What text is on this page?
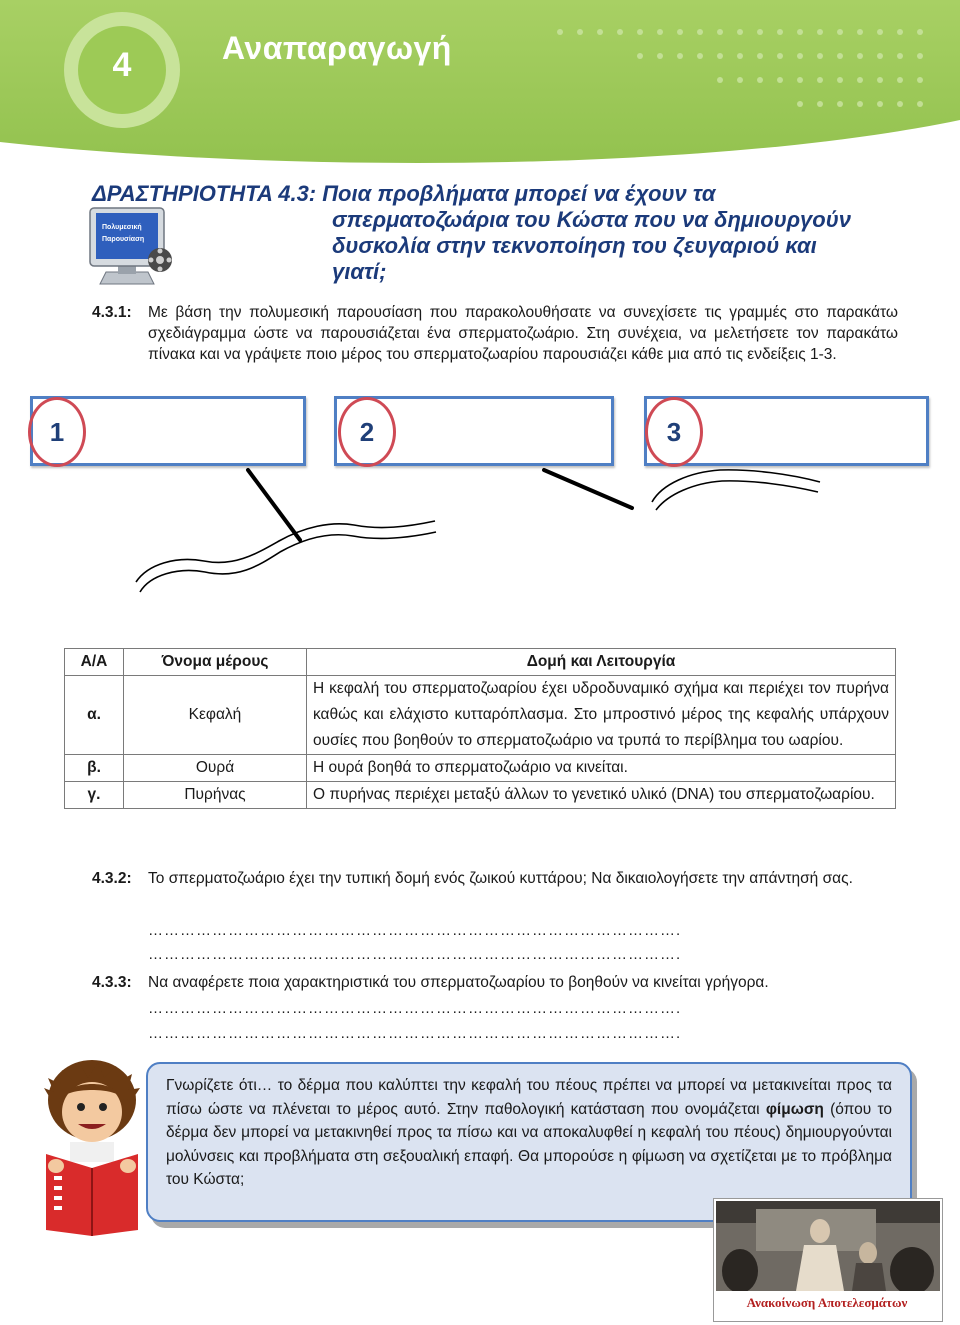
4	Αναπαραγωγή
ΔΡΑΣΤΗΡΙΟΤΗΤΑ 4.3: Ποια προβλήματα μπορεί να έχουν τα
σπερματοζωάρια του Κώστα που να δημιουργούν
δυσκολία στην τεκνοποίηση του ζευγαριού και
γιατί;
Πολυμεσική
Παρουσίαση
4.3.1: Με βάση την πολυμεσική παρουσίαση που παρακολουθήσατε να συνεχίσετε τις γραμμές στο παρακάτω σχεδιάγραμμα ώστε να παρουσιάζεται ένα σπερματοζωάριο. Στη συνέχεια, να μελετήσετε τον παρακάτω πίνακα και να γράψετε ποιο μέρος του σπερματοζωαρίου παρουσιάζει κάθε μια από τις ενδείξεις 1-3.
1	2	3
Α/Α	Όνομα μέρους	Δομή και Λειτουργία
α.	Κεφαλή	Η κεφαλή του σπερματοζωαρίου έχει υδροδυναμικό σχήμα και περιέχει τον πυρήνα καθώς και ελάχιστο κυτταρόπλασμα. Στο μπροστινό μέρος της κεφαλής υπάρχουν ουσίες που βοηθούν το σπερματοζωάριο να τρυπά το περίβλημα του ωαρίου.
β.	Ουρά	Η ουρά βοηθά το σπερματοζωάριο να κινείται.
γ.	Πυρήνας	Ο πυρήνας περιέχει μεταξύ άλλων το γενετικό υλικό (DNA) του σπερματοζωαρίου.
4.3.2: Το σπερματοζωάριο έχει την τυπική δομή ενός ζωικού κυττάρου; Να δικαιολογήσετε την απάντησή σας.
……………………………………………………………………………………….
……………………………………………………………………………………….
4.3.3: Να αναφέρετε ποια χαρακτηριστικά του σπερματοζωαρίου το βοηθούν να κινείται γρήγορα.
……………………………………………………………………………………….
……………………………………………………………………………………….
Γνωρίζετε ότι… το δέρμα που καλύπτει την κεφαλή του πέους πρέπει να μπορεί να μετακινείται προς τα πίσω ώστε να πλένεται το μέρος αυτό. Στην παθολογική κατάσταση που ονομάζεται φίμωση (όπου το δέρμα δεν μπορεί να μετακινηθεί προς τα πίσω και να αποκαλυφθεί η κεφαλή του πέους) δημιουργούνται μολύνσεις και προβλήματα στη σεξουαλική επαφή. Θα μπορούσε η φίμωση να σχετίζεται με το πρόβλημα του Κώστα;
Ανακοίνωση Αποτελεσμάτων
